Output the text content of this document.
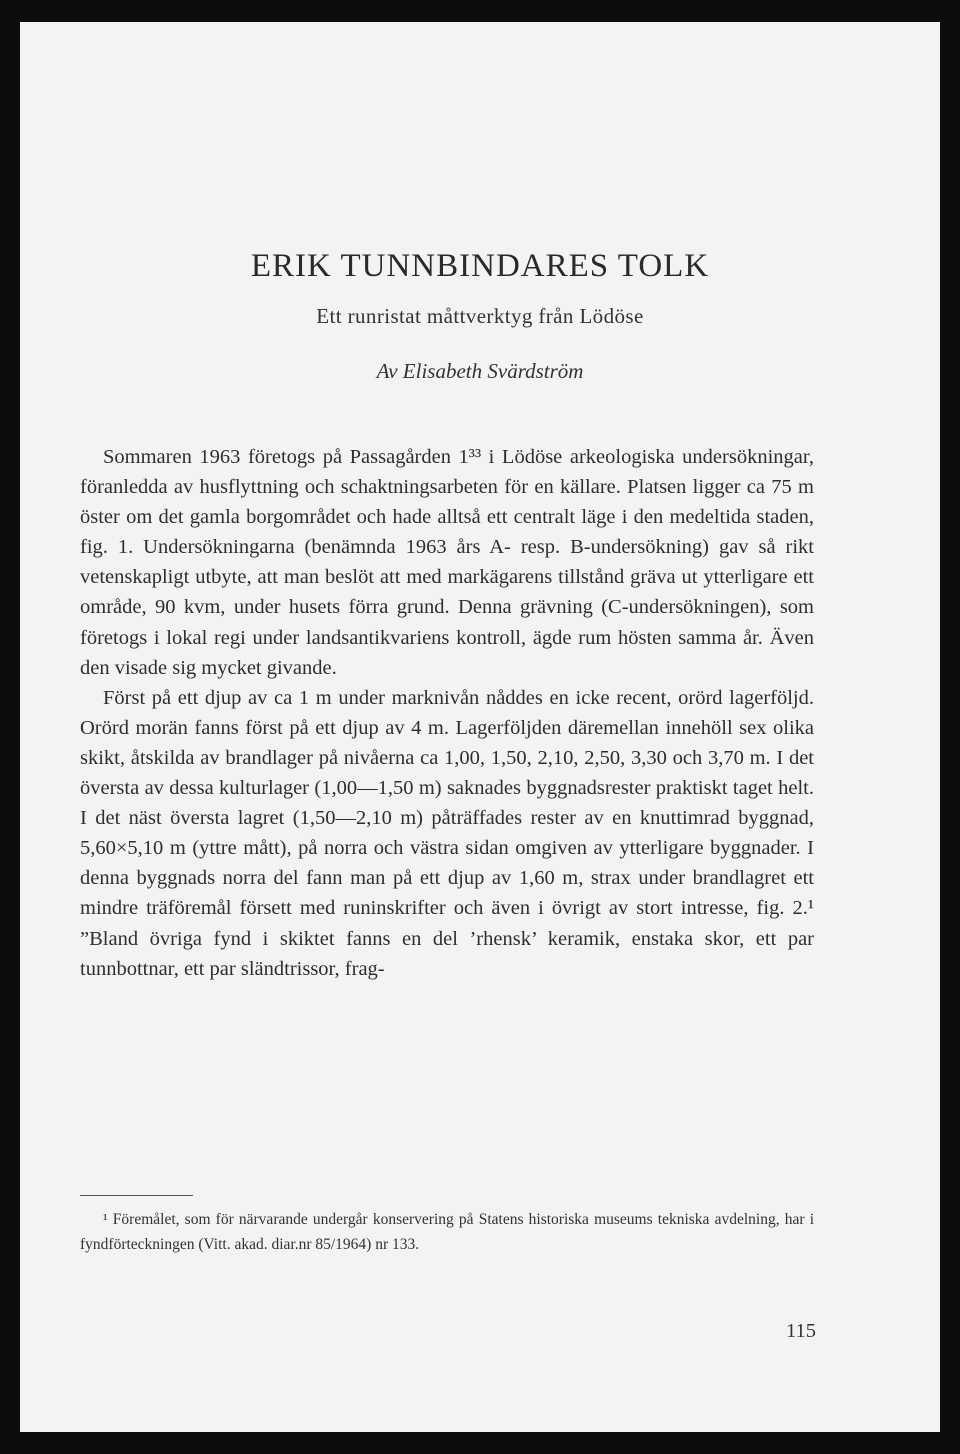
ERIK TUNNBINDARES TOLK
Ett runristat måttverktyg från Lödöse
Av Elisabeth Svärdström

Sommaren 1963 företogs på Passagården 1³³ i Lödöse arkeologiska undersökningar, föranledda av husflyttning och schaktningsarbeten för en källare. Platsen ligger ca 75 m öster om det gamla borgområdet och hade alltså ett centralt läge i den medeltida staden, fig. 1. Undersökningarna (benämnda 1963 års A- resp. B-undersökning) gav så rikt vetenskapligt utbyte, att man beslöt att med markägarens tillstånd gräva ut ytterligare ett område, 90 kvm, under husets förra grund. Denna grävning (C-undersökningen), som företogs i lokal regi under landsantikvariens kontroll, ägde rum hösten samma år. Även den visade sig mycket givande.

Först på ett djup av ca 1 m under marknivån nåddes en icke recent, orörd lagerföljd. Orörd morän fanns först på ett djup av 4 m. Lagerföljden däremellan innehöll sex olika skikt, åtskilda av brandlager på nivåerna ca 1,00, 1,50, 2,10, 2,50, 3,30 och 3,70 m. I det översta av dessa kulturlager (1,00—1,50 m) saknades byggnadsrester praktiskt taget helt. I det näst översta lagret (1,50—2,10 m) påträffades rester av en knuttimrad byggnad, 5,60×5,10 m (yttre mått), på norra och västra sidan omgiven av ytterligare byggnader. I denna byggnads norra del fann man på ett djup av 1,60 m, strax under brandlagret ett mindre träföremål försett med runinskrifter och även i övrigt av stort intresse, fig. 2.¹ ”Bland övriga fynd i skiktet fanns en del ’rhensk’ keramik, enstaka skor, ett par tunnbottnar, ett par sländtrissor, frag-

¹ Föremålet, som för närvarande undergår konservering på Statens historiska museums tekniska avdelning, har i fyndförteckningen (Vitt. akad. diar.nr 85/1964) nr 133.
115
